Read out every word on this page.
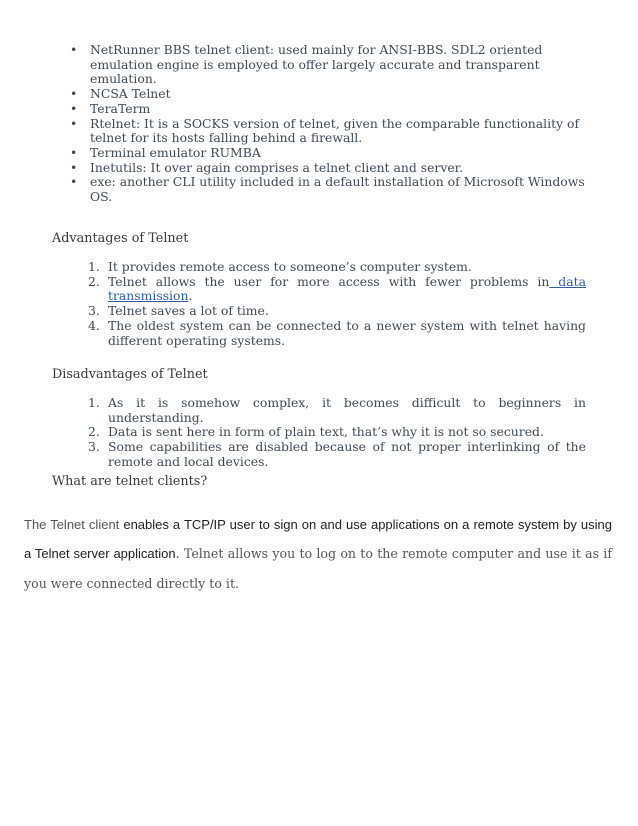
• NetRunner BBS telnet client: used mainly for ANSI-BBS. SDL2 oriented emulation engine is employed to offer largely accurate and transparent emulation.
• NCSA Telnet
• TeraTerm
• Rtelnet: It is a SOCKS version of telnet, given the comparable functionality of telnet for its hosts falling behind a firewall.
• Terminal emulator RUMBA
• Inetutils: It over again comprises a telnet client and server.
• exe: another CLI utility included in a default installation of Microsoft Windows OS.
Advantages of Telnet
1. It provides remote access to someone’s computer system.
2. Telnet allows the user for more access with fewer problems in data transmission.
3. Telnet saves a lot of time.
4. The oldest system can be connected to a newer system with telnet having different operating systems.
Disadvantages of Telnet
1. As it is somehow complex, it becomes difficult to beginners in understanding.
2. Data is sent here in form of plain text, that’s why it is not so secured.
3. Some capabilities are disabled because of not proper interlinking of the remote and local devices.
What are telnet clients?

The Telnet client enables a TCP/IP user to sign on and use applications on a remote system by using a Telnet server application. Telnet allows you to log on to the remote computer and use it as if you were connected directly to it.
